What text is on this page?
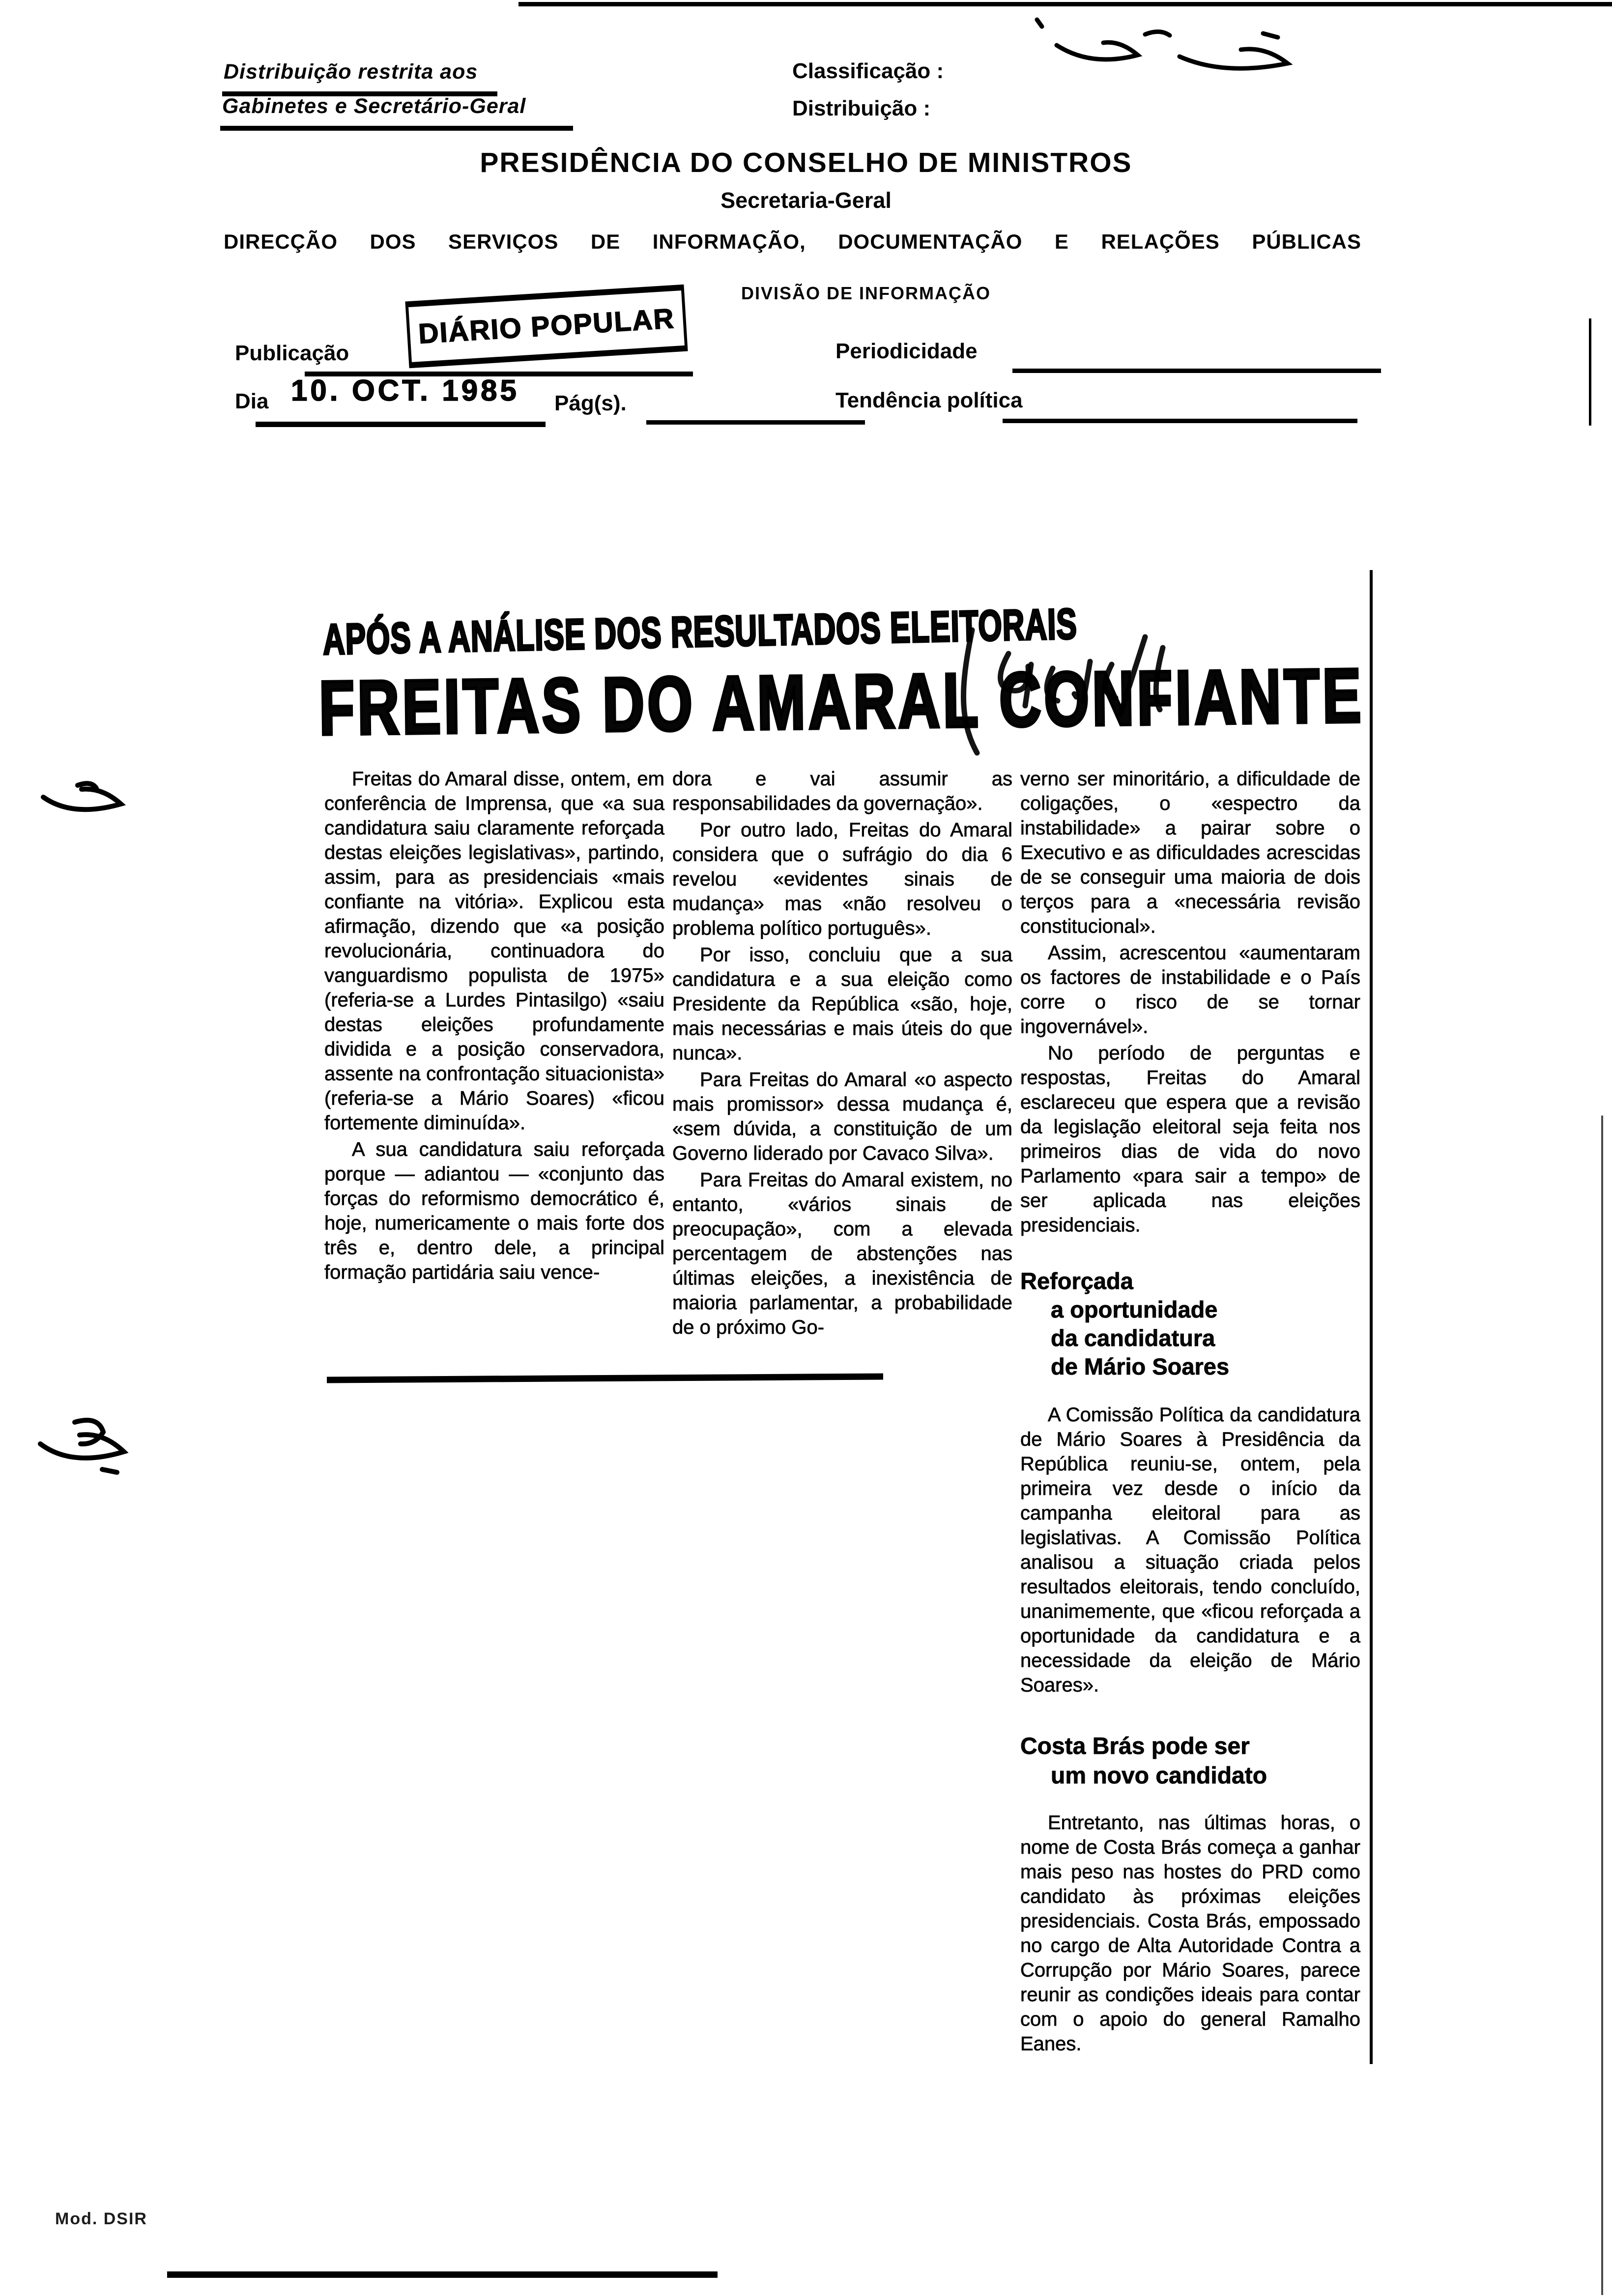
Distribuição restrita aos
Gabinetes e Secretário-Geral
Classificação :
Distribuição :
PRESIDÊNCIA DO CONSELHO DE MINISTROS
Secretaria-Geral
DIRECÇÃO DOS SERVIÇOS DE INFORMAÇÃO, DOCUMENTAÇÃO E RELAÇÕES PÚBLICAS
DIVISÃO DE INFORMAÇÃO
DIÁRIO POPULAR
Publicação	Periodicidade
Dia 10. OCT. 1985 Pág(s).	Tendência política
APÓS A ANÁLISE DOS RESULTADOS ELEITORAIS
FREITAS DO AMARAL CONFIANTE

Freitas do Amaral disse, ontem, em conferência de Imprensa, que «a sua candidatura saiu claramente reforçada destas eleições legislativas», partindo, assim, para as presidenciais «mais confiante na vitória». Explicou esta afirmação, dizendo que «a posição revolucionária, continuadora do vanguardismo populista de 1975» (referia-se a Lurdes Pintasilgo) «saiu destas eleições profundamente dividida e a posição conservadora, assente na confrontação situacionista» (referia-se a Mário Soares) «ficou fortemente diminuída».

A sua candidatura saiu reforçada porque — adiantou — «conjunto das forças do reformismo democrático é, hoje, numericamente o mais forte dos três e, dentro dele, a principal formação partidária saiu vence-

dora e vai assumir as responsabilidades da governação».

Por outro lado, Freitas do Amaral considera que o sufrágio do dia 6 revelou «evidentes sinais de mudança» mas «não resolveu o problema político português».

Por isso, concluiu que a sua candidatura e a sua eleição como Presidente da República «são, hoje, mais necessárias e mais úteis do que nunca».

Para Freitas do Amaral «o aspecto mais promissor» dessa mudança é, «sem dúvida, a constituição de um Governo liderado por Cavaco Silva».

Para Freitas do Amaral existem, no entanto, «vários sinais de preocupação», com a elevada percentagem de abstenções nas últimas eleições, a inexistência de maioria parlamentar, a probabilidade de o próximo Go-

verno ser minoritário, a dificuldade de coligações, o «espectro da instabilidade» a pairar sobre o Executivo e as dificuldades acrescidas de se conseguir uma maioria de dois terços para a «necessária revisão constitucional».

Assim, acrescentou «aumentaram os factores de instabilidade e o País corre o risco de se tornar ingovernável».

No período de perguntas e respostas, Freitas do Amaral esclareceu que espera que a revisão da legislação eleitoral seja feita nos primeiros dias de vida do novo Parlamento «para sair a tempo» de ser aplicada nas eleições presidenciais.

Reforçada
a oportunidade
da candidatura
de Mário Soares

A Comissão Política da candidatura de Mário Soares à Presidência da República reuniu-se, ontem, pela primeira vez desde o início da campanha eleitoral para as legislativas. A Comissão Política analisou a situação criada pelos resultados eleitorais, tendo concluído, unanimemente, que «ficou reforçada a oportunidade da candidatura e a necessidade da eleição de Mário Soares».

Costa Brás pode ser
um novo candidato

Entretanto, nas últimas horas, o nome de Costa Brás começa a ganhar mais peso nas hostes do PRD como candidato às próximas eleições presidenciais. Costa Brás, empossado no cargo de Alta Autoridade Contra a Corrupção por Mário Soares, parece reunir as condições ideais para contar com o apoio do general Ramalho Eanes.

Mod. DSIR
